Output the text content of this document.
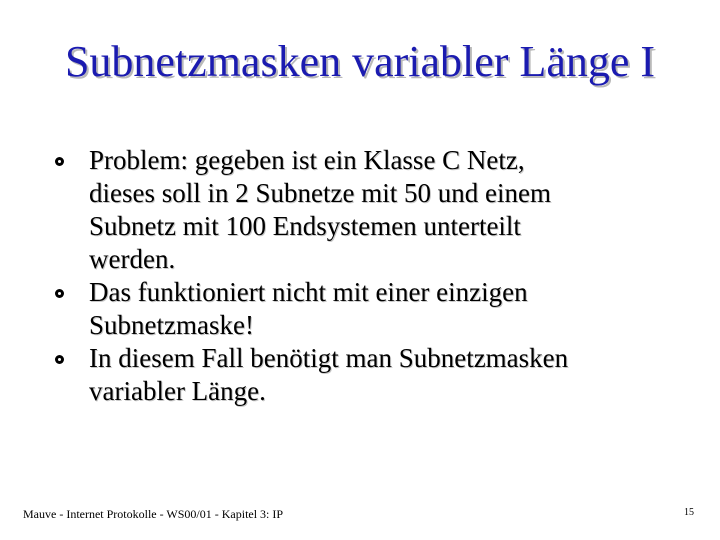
Subnetzmasken variabler Länge I
Problem: gegeben ist ein Klasse C Netz,
dieses soll in 2 Subnetze mit 50 und einem
Subnetz mit 100 Endsystemen unterteilt
werden.
Das funktioniert nicht mit einer einzigen
Subnetzmaske!
In diesem Fall benötigt man Subnetzmasken
variabler Länge.
Mauve - Internet Protokolle - WS00/01 - Kapitel 3: IP	15
